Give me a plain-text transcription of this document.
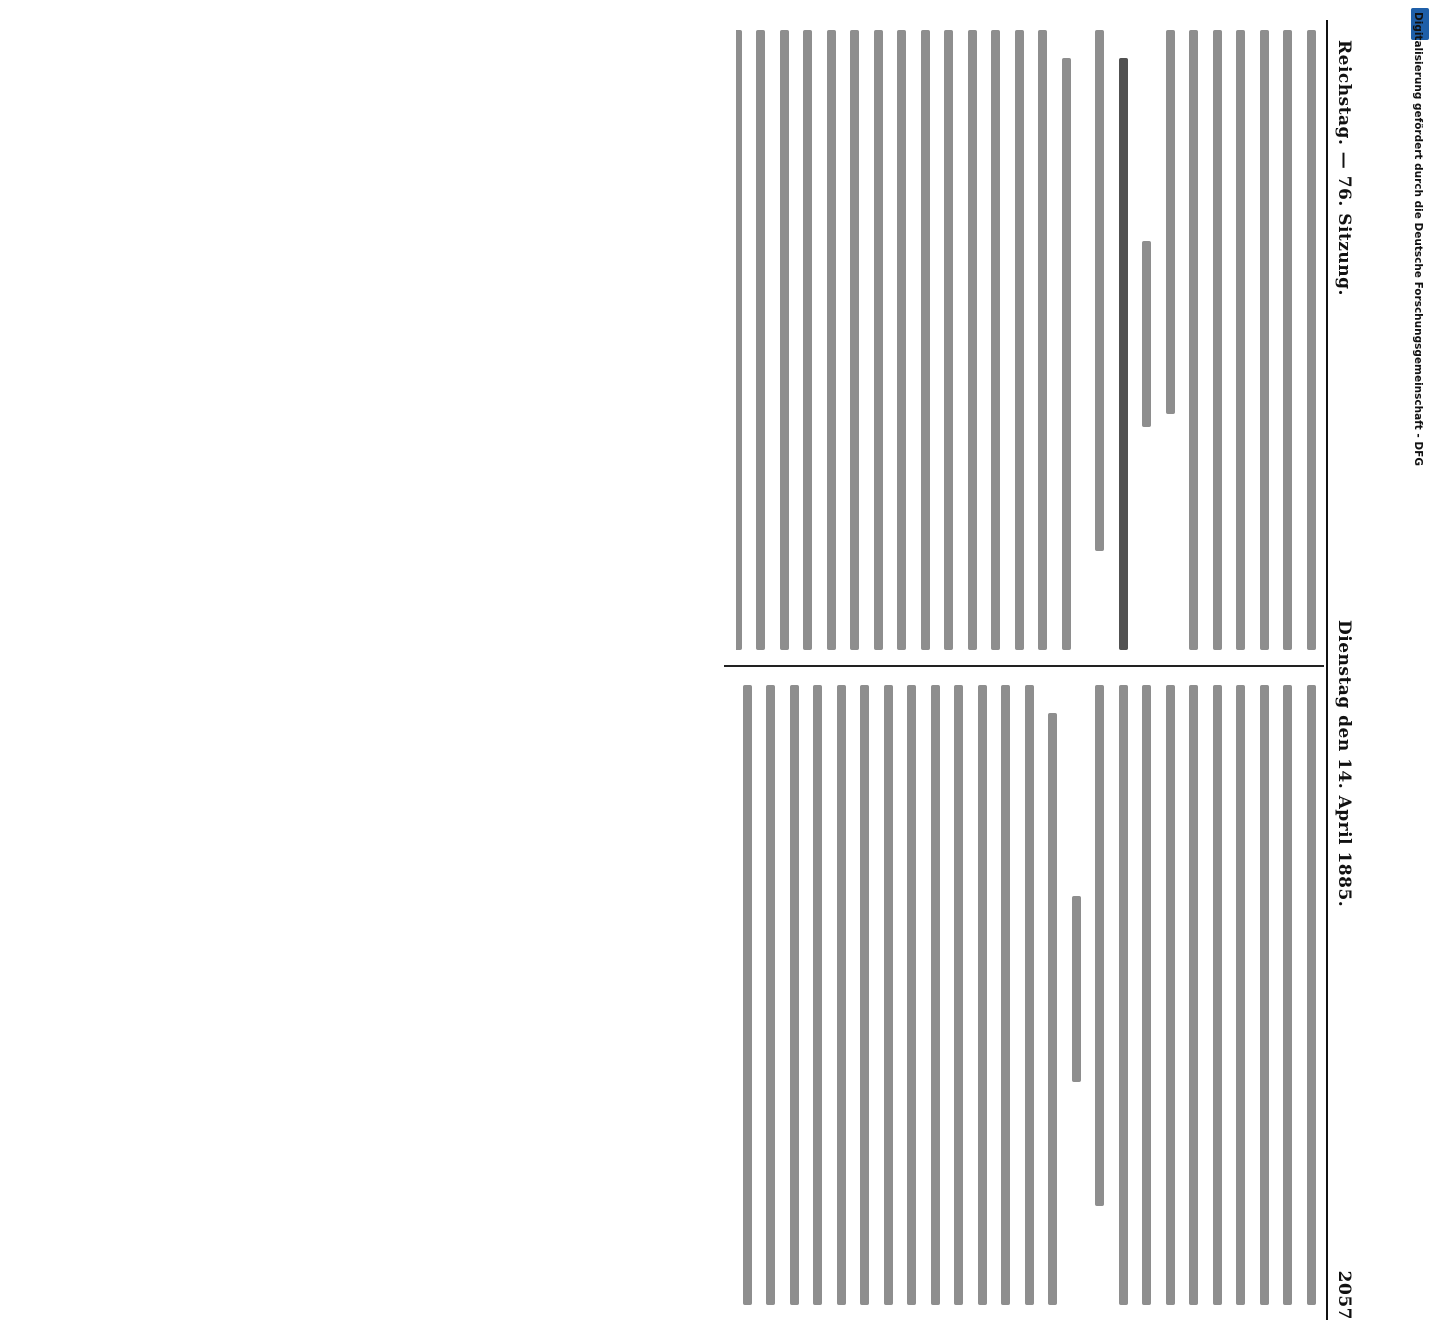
Reichstag. — 76. Sitzung.
Dienstag den 14. April 1885.
2057
Digitalisierung gefördert durch die Deutsche Forschungsgemeinschaft - DFG
